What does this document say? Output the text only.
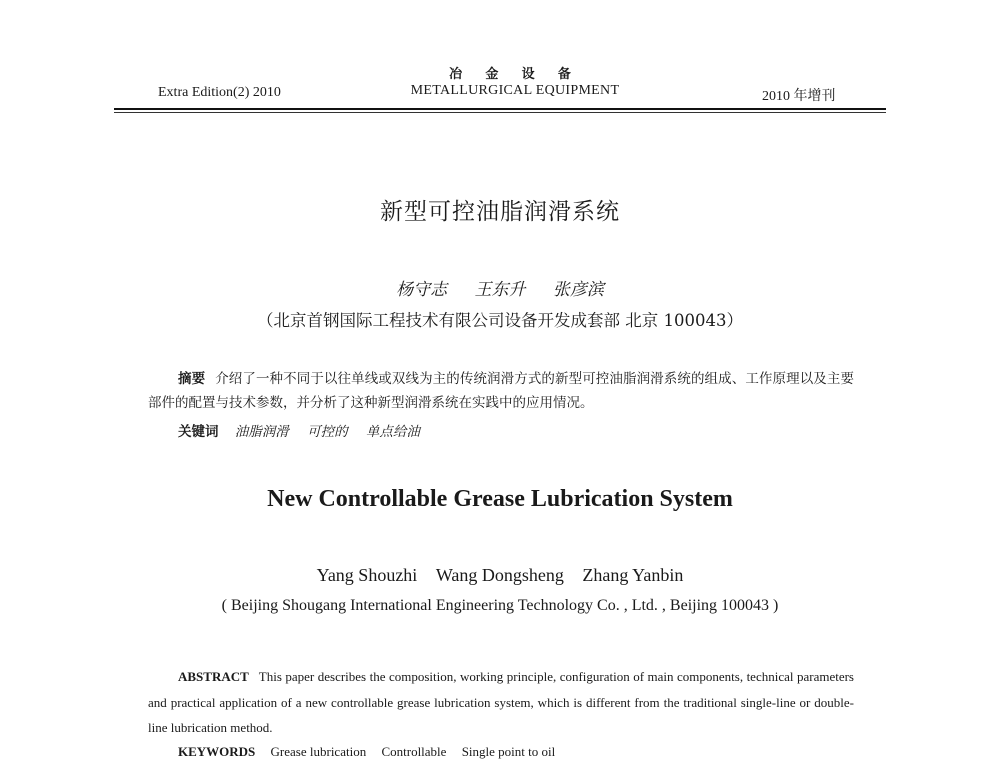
Extra Edition(2) 2010
冶 金 设 备
METALLURGICAL EQUIPMENT	2010 年增刊
新型可控油脂润滑系统
杨守志 王东升 张彦滨
（北京首钢国际工程技术有限公司设备开发成套部 北京 100043）
摘要 介绍了一种不同于以往单线或双线为主的传统润滑方式的新型可控油脂润滑系统的组成、工作原理以及主要部件的配置与技术参数，并分析了这种新型润滑系统在实践中的应用情况。
关键词 油脂润滑 可控的 单点给油
New Controllable Grease Lubrication System
Yang Shouzhi Wang Dongsheng Zhang Yanbin
( Beijing Shougang International Engineering Technology Co. , Ltd. , Beijing 100043 )
ABSTRACT This paper describes the composition, working principle, configuration of main components, technical parameters and practical application of a new controllable grease lubrication system, which is different from the traditional single-line or double-line lubrication method.
KEYWORDS Grease lubrication Controllable Single point to oil
